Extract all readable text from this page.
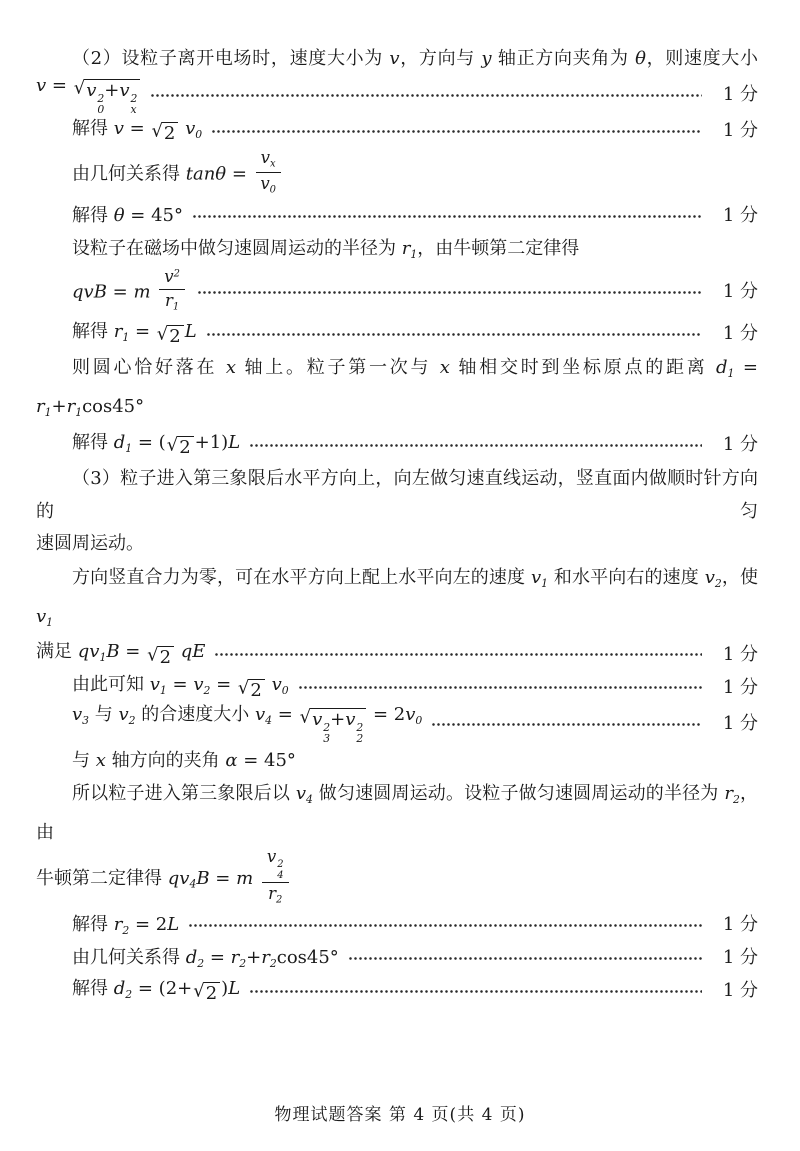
（2）设粒子离开电场时，速度大小为 v，方向与 y 轴正方向夹角为 θ，则速度大小
v = √ v 2
0
+v 2
x
1 分
解得 v = √ 2 $v_0$	1 分
由几何关系得 $\tan\theta = \frac{v_x}{v_0}$
解得 θ = 45°	1 分
设粒子在磁场中做匀速圆周运动的半径为 $r_1$，由牛顿第二定律得
qvB = m $\frac{v^2}{r_1}$	1 分
解得 $r_1$ = √ 2 L	1 分
则圆心恰好落在 x 轴上。粒子第一次与 x 轴相交时到坐标原点的距离 $d_1 = r_1+r_1\cos 45^\circ$
解得 $d_1$ = ( √ 2 +1)L	1 分
（3）粒子进入第三象限后水平方向上，向左做匀速直线运动，竖直面内做顺时针方向的匀
速圆周运动。
方向竖直合力为零，可在水平方向上配上水平向左的速度 $v_1$ 和水平向右的速度 $v_2$，使 $v_1$
满足 $qv_1B$ = √ 2 qE	1 分
由此可知 $v_1 = v_2$ = √ 2 $v_0$	1 分
$v_3$ 与 $v_2$ 的合速度大小 $v_4$ = √ v 2
3
+v 2
2
= $2v_0$	1 分
与 x 轴方向的夹角 α = 45°
所以粒子进入第三象限后以 $v_4$ 做匀速圆周运动。设粒子做匀速圆周运动的半径为 $r_2$，由
牛顿第二定律得 $qv_4B = m$ v 2
4
$r_2$
解得 $r_2 = 2L$	1 分
由几何关系得 $d_2 = r_2+r_2\cos 45^\circ$	1 分
解得 $d_2 = (2+$ √ 2 )L	1 分
物理试题答案 第 4 页(共 4 页)
